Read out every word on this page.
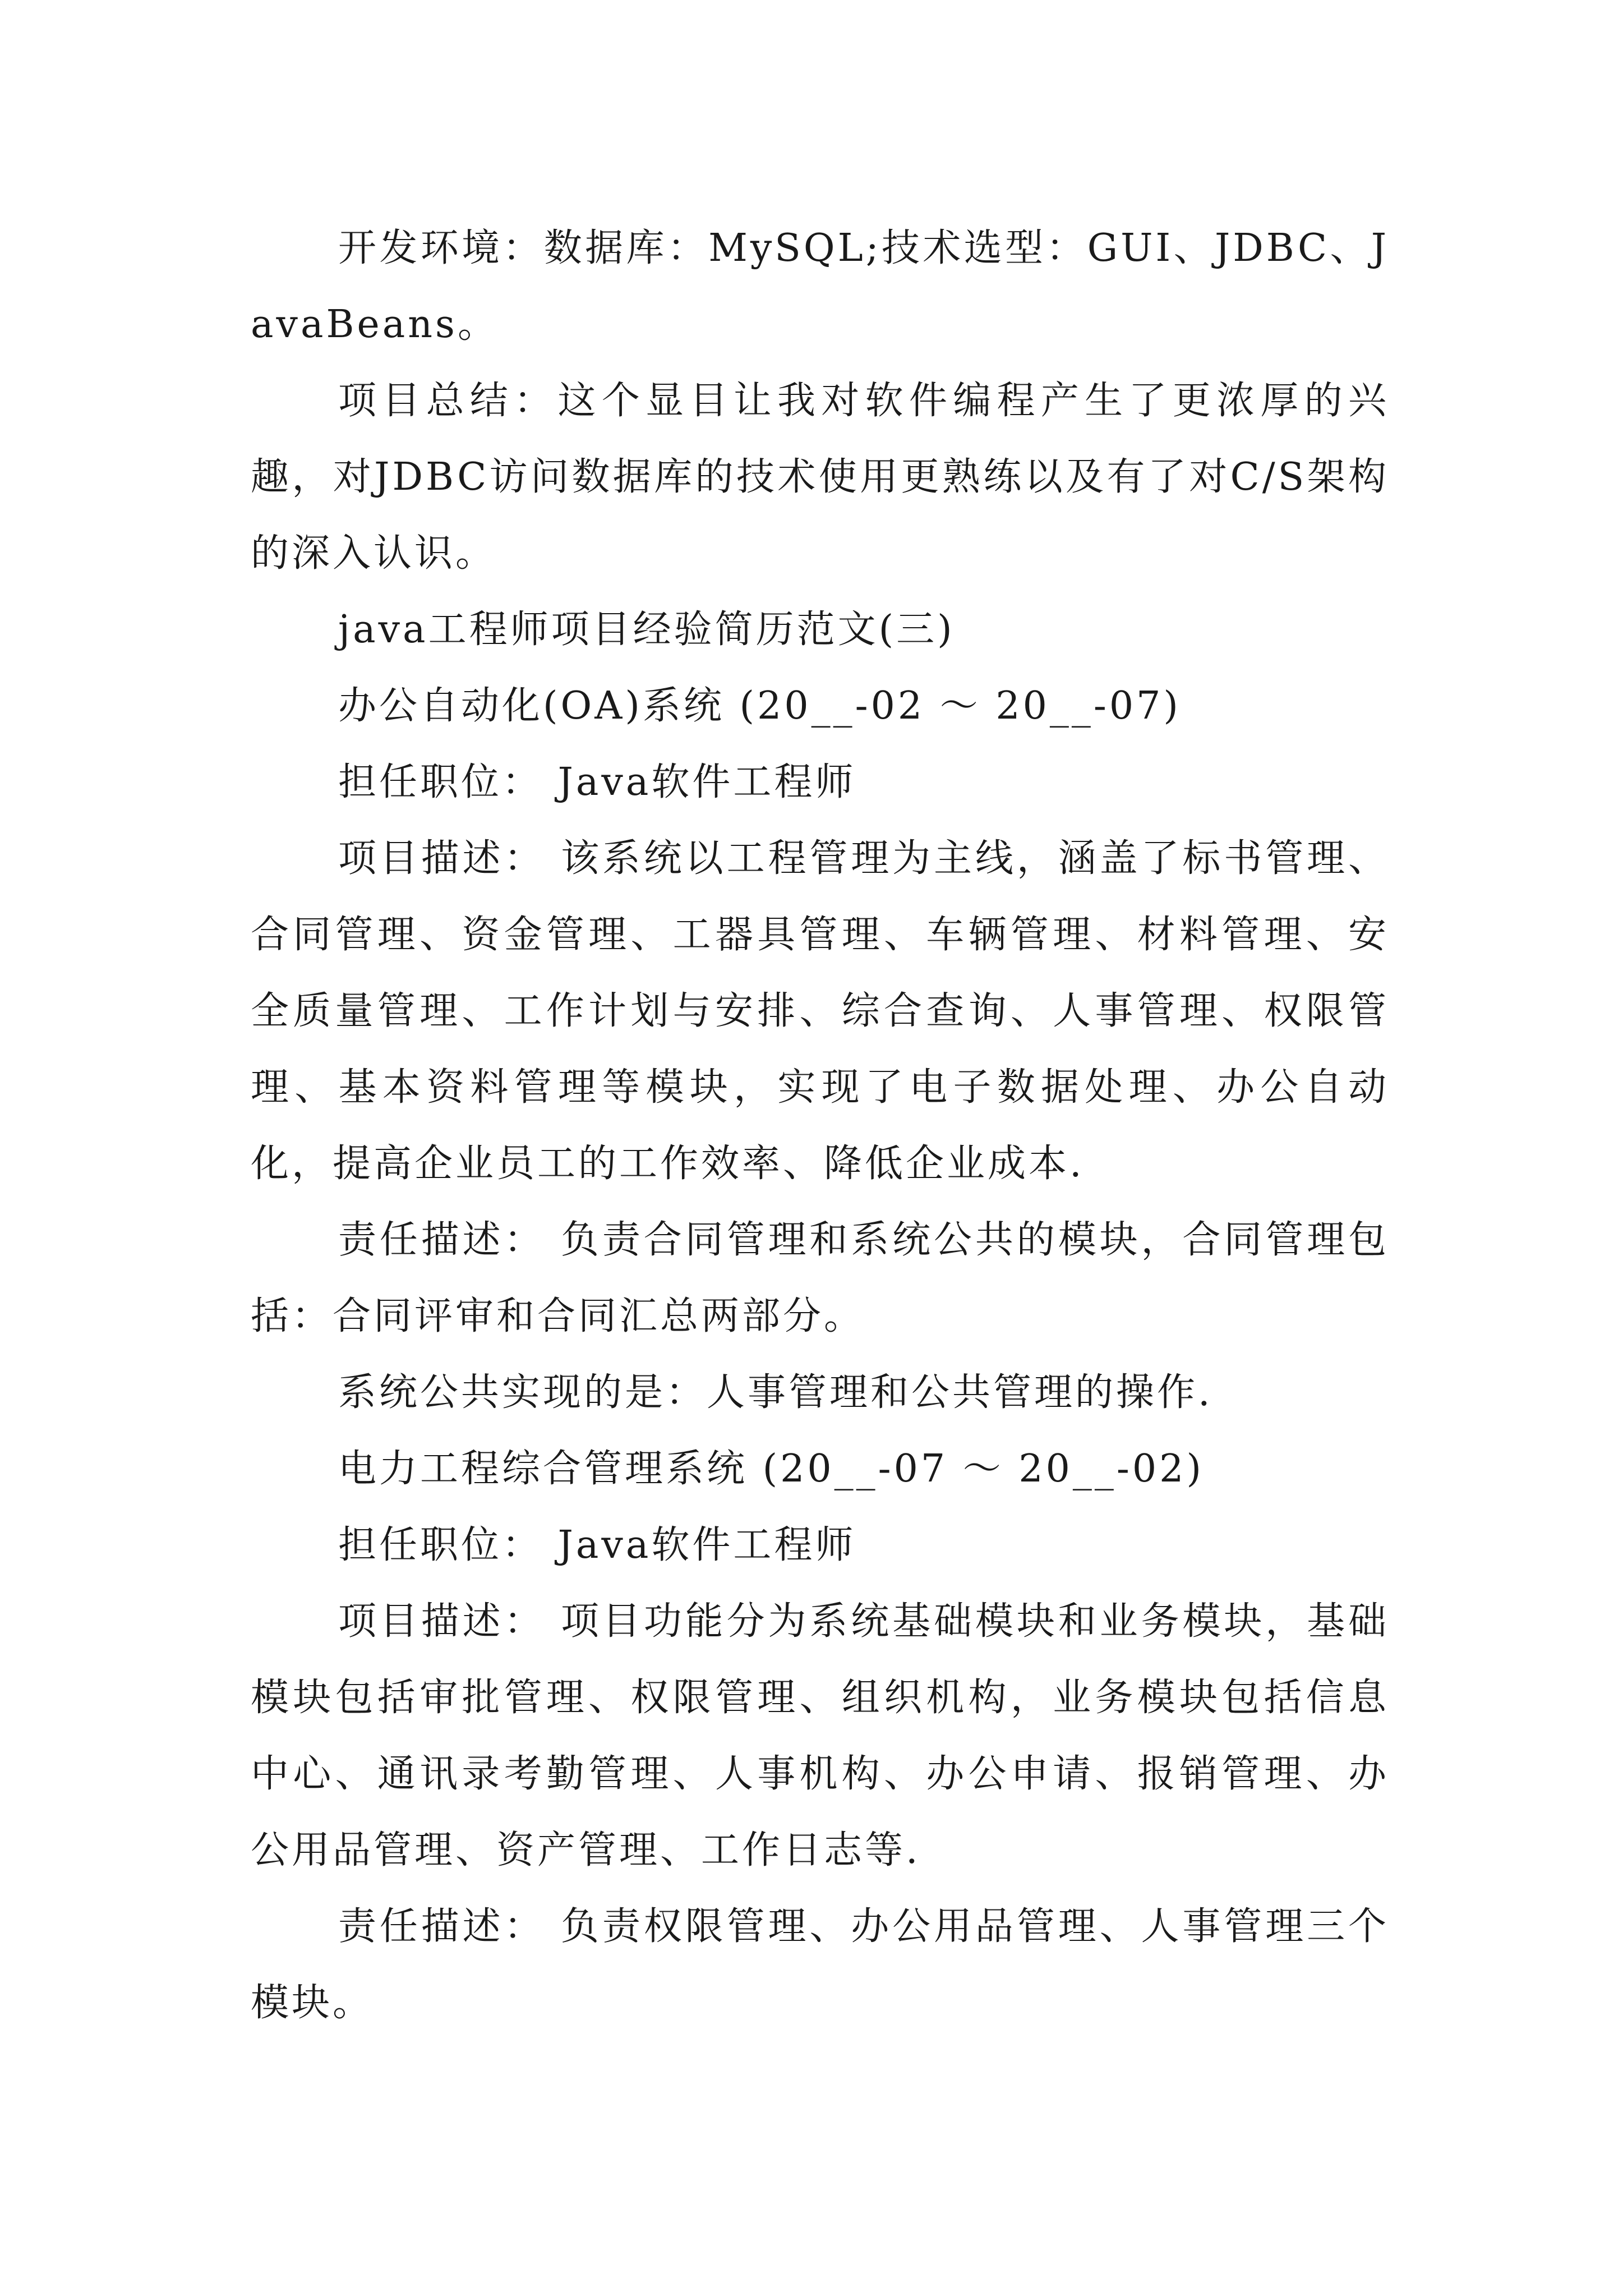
开发环境：数据库：MySQL;技术选型：GUI、JDBC、JavaBeans。

项目总结：这个显目让我对软件编程产生了更浓厚的兴趣，对JDBC访问数据库的技术使用更熟练以及有了对C/S架构的深入认识。

java工程师项目经验简历范文(三)

办公自动化(OA)系统 (20__-02 ～ 20__-07)

担任职位： Java软件工程师

项目描述： 该系统以工程管理为主线，涵盖了标书管理、合同管理、资金管理、工器具管理、车辆管理、材料管理、安全质量管理、工作计划与安排、综合查询、人事管理、权限管理、基本资料管理等模块，实现了电子数据处理、办公自动化，提高企业员工的工作效率、降低企业成本.

责任描述： 负责合同管理和系统公共的模块，合同管理包括：合同评审和合同汇总两部分。

系统公共实现的是：人事管理和公共管理的操作.

电力工程综合管理系统 (20__-07 ～ 20__-02)

担任职位： Java软件工程师

项目描述： 项目功能分为系统基础模块和业务模块，基础模块包括审批管理、权限管理、组织机构，业务模块包括信息中心、通讯录考勤管理、人事机构、办公申请、报销管理、办公用品管理、资产管理、工作日志等.

责任描述： 负责权限管理、办公用品管理、人事管理三个模块。
